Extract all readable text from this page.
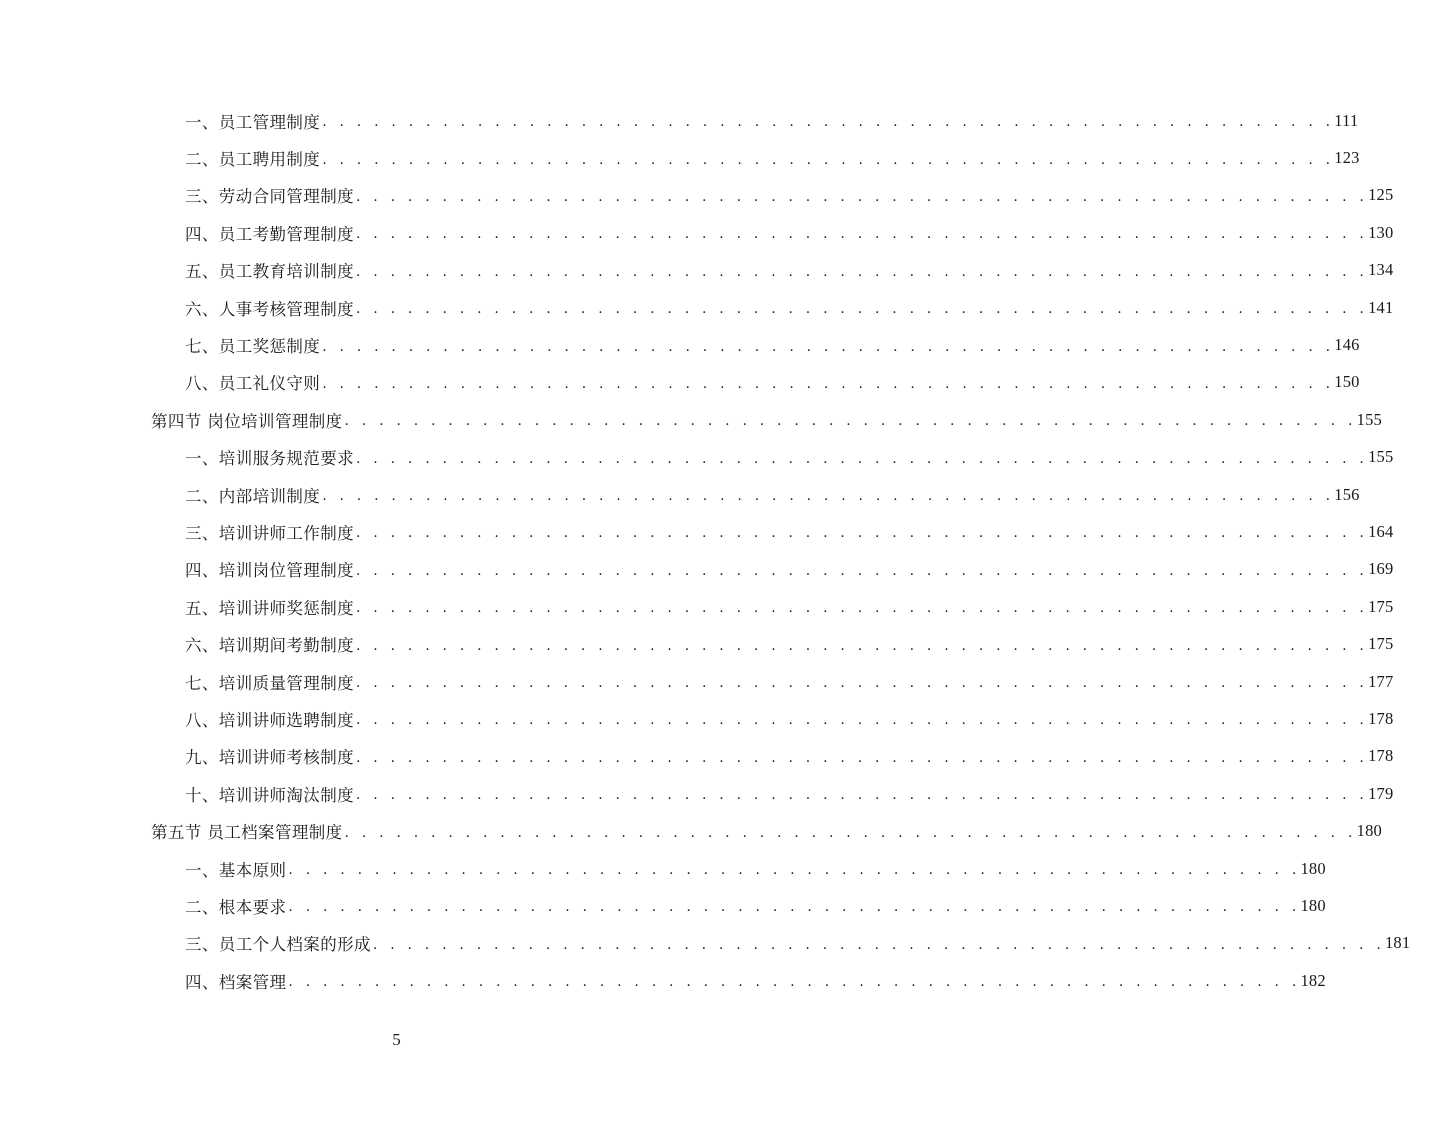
一、员工管理制度 . . . . . . . . . . . . . . . . . . . . . . . . . . . . . . . . . . . . . . . . . . . . . . . . . . . . . . . . . . . 111
二、员工聘用制度 . . . . . . . . . . . . . . . . . . . . . . . . . . . . . . . . . . . . . . . . . . . . . . . . . . . . . . . . . . . 123
三、劳动合同管理制度 . . . . . . . . . . . . . . . . . . . . . . . . . . . . . . . . . . . . . . . . . . . . . . . . . . . . . . . . . . . 125
四、员工考勤管理制度 . . . . . . . . . . . . . . . . . . . . . . . . . . . . . . . . . . . . . . . . . . . . . . . . . . . . . . . . . . . 130
五、员工教育培训制度 . . . . . . . . . . . . . . . . . . . . . . . . . . . . . . . . . . . . . . . . . . . . . . . . . . . . . . . . . . . 134
六、人事考核管理制度 . . . . . . . . . . . . . . . . . . . . . . . . . . . . . . . . . . . . . . . . . . . . . . . . . . . . . . . . . . . 141
七、员工奖惩制度 . . . . . . . . . . . . . . . . . . . . . . . . . . . . . . . . . . . . . . . . . . . . . . . . . . . . . . . . . . . 146
八、员工礼仪守则 . . . . . . . . . . . . . . . . . . . . . . . . . . . . . . . . . . . . . . . . . . . . . . . . . . . . . . . . . . . 150
第四节 岗位培训管理制度 . . . . . . . . . . . . . . . . . . . . . . . . . . . . . . . . . . . . . . . . . . . . . . . . . . . . . . . . . . . 155
一、培训服务规范要求 . . . . . . . . . . . . . . . . . . . . . . . . . . . . . . . . . . . . . . . . . . . . . . . . . . . . . . . . . . . 155
二、内部培训制度 . . . . . . . . . . . . . . . . . . . . . . . . . . . . . . . . . . . . . . . . . . . . . . . . . . . . . . . . . . . 156
三、培训讲师工作制度 . . . . . . . . . . . . . . . . . . . . . . . . . . . . . . . . . . . . . . . . . . . . . . . . . . . . . . . . . . . 164
四、培训岗位管理制度 . . . . . . . . . . . . . . . . . . . . . . . . . . . . . . . . . . . . . . . . . . . . . . . . . . . . . . . . . . . 169
五、培训讲师奖惩制度 . . . . . . . . . . . . . . . . . . . . . . . . . . . . . . . . . . . . . . . . . . . . . . . . . . . . . . . . . . . 175
六、培训期间考勤制度 . . . . . . . . . . . . . . . . . . . . . . . . . . . . . . . . . . . . . . . . . . . . . . . . . . . . . . . . . . . 175
七、培训质量管理制度 . . . . . . . . . . . . . . . . . . . . . . . . . . . . . . . . . . . . . . . . . . . . . . . . . . . . . . . . . . . 177
八、培训讲师选聘制度 . . . . . . . . . . . . . . . . . . . . . . . . . . . . . . . . . . . . . . . . . . . . . . . . . . . . . . . . . . . 178
九、培训讲师考核制度 . . . . . . . . . . . . . . . . . . . . . . . . . . . . . . . . . . . . . . . . . . . . . . . . . . . . . . . . . . . 178
十、培训讲师淘汰制度 . . . . . . . . . . . . . . . . . . . . . . . . . . . . . . . . . . . . . . . . . . . . . . . . . . . . . . . . . . . 179
第五节 员工档案管理制度 . . . . . . . . . . . . . . . . . . . . . . . . . . . . . . . . . . . . . . . . . . . . . . . . . . . . . . . . . . . 180
一、基本原则 . . . . . . . . . . . . . . . . . . . . . . . . . . . . . . . . . . . . . . . . . . . . . . . . . . . . . . . . . . . 180
二、根本要求 . . . . . . . . . . . . . . . . . . . . . . . . . . . . . . . . . . . . . . . . . . . . . . . . . . . . . . . . . . . 180
三、员工个人档案的形成 . . . . . . . . . . . . . . . . . . . . . . . . . . . . . . . . . . . . . . . . . . . . . . . . . . . . . . . . . . . 181
四、档案管理 . . . . . . . . . . . . . . . . . . . . . . . . . . . . . . . . . . . . . . . . . . . . . . . . . . . . . . . . . . . 182
5
